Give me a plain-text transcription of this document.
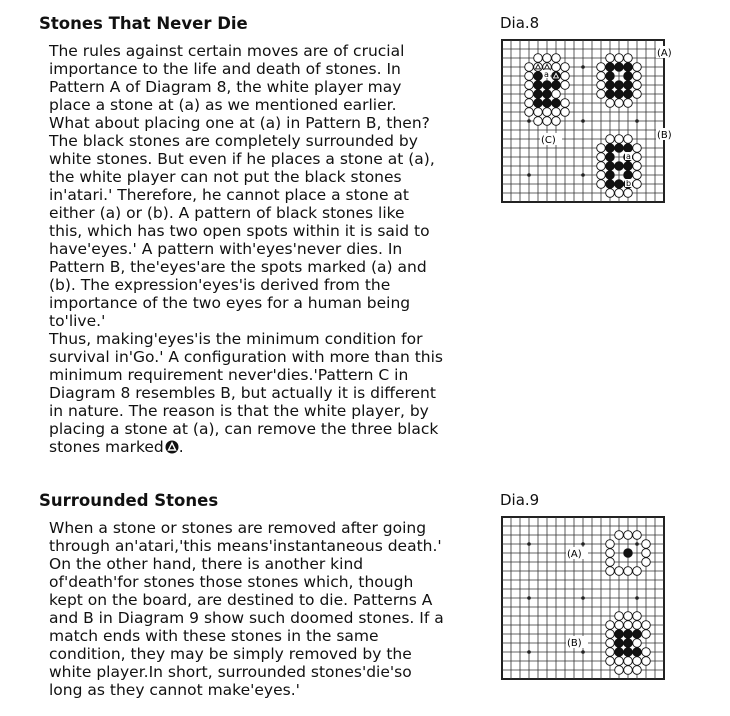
Stones That Never Die
The rules against certain moves are of crucial
importance to the life and death of stones. In
Pattern A of Diagram 8, the white player may
place a stone at (a) as we mentioned earlier.
What about placing one at (a) in Pattern B, then?
The black stones are completely surrounded by
white stones. But even if he places a stone at (a),
the white player can not put the black stones
in'atari.' Therefore, he cannot place a stone at
either (a) or (b). A pattern of black stones like
this, which has two open spots within it is said to
have'eyes.' A pattern with'eyes'never dies. In
Pattern B, the'eyes'are the spots marked (a) and
(b). The expression'eyes'is derived from the
importance of the two eyes for a human being
to'live.'
Thus, making'eyes'is the minimum condition for
survival in'Go.' A configuration with more than this
minimum requirement never'dies.'Pattern C in
Diagram 8 resembles B, but actually it is different
in nature. The reason is that the white player, by
placing a stone at (a), can remove the three black
stones marked .
Dia.8
(A)
(B)
(C)
a
a
b
Surrounded Stones
When a stone or stones are removed after going
through an'atari,'this means'instantaneous death.'
On the other hand, there is another kind
of'death'for stones those stones which, though
kept on the board, are destined to die. Patterns A
and B in Diagram 9 show such doomed stones. If a
match ends with these stones in the same
condition, they may be simply removed by the
white player.In short, surrounded stones'die'so
long as they cannot make'eyes.'
Dia.9
(A)
(B)
